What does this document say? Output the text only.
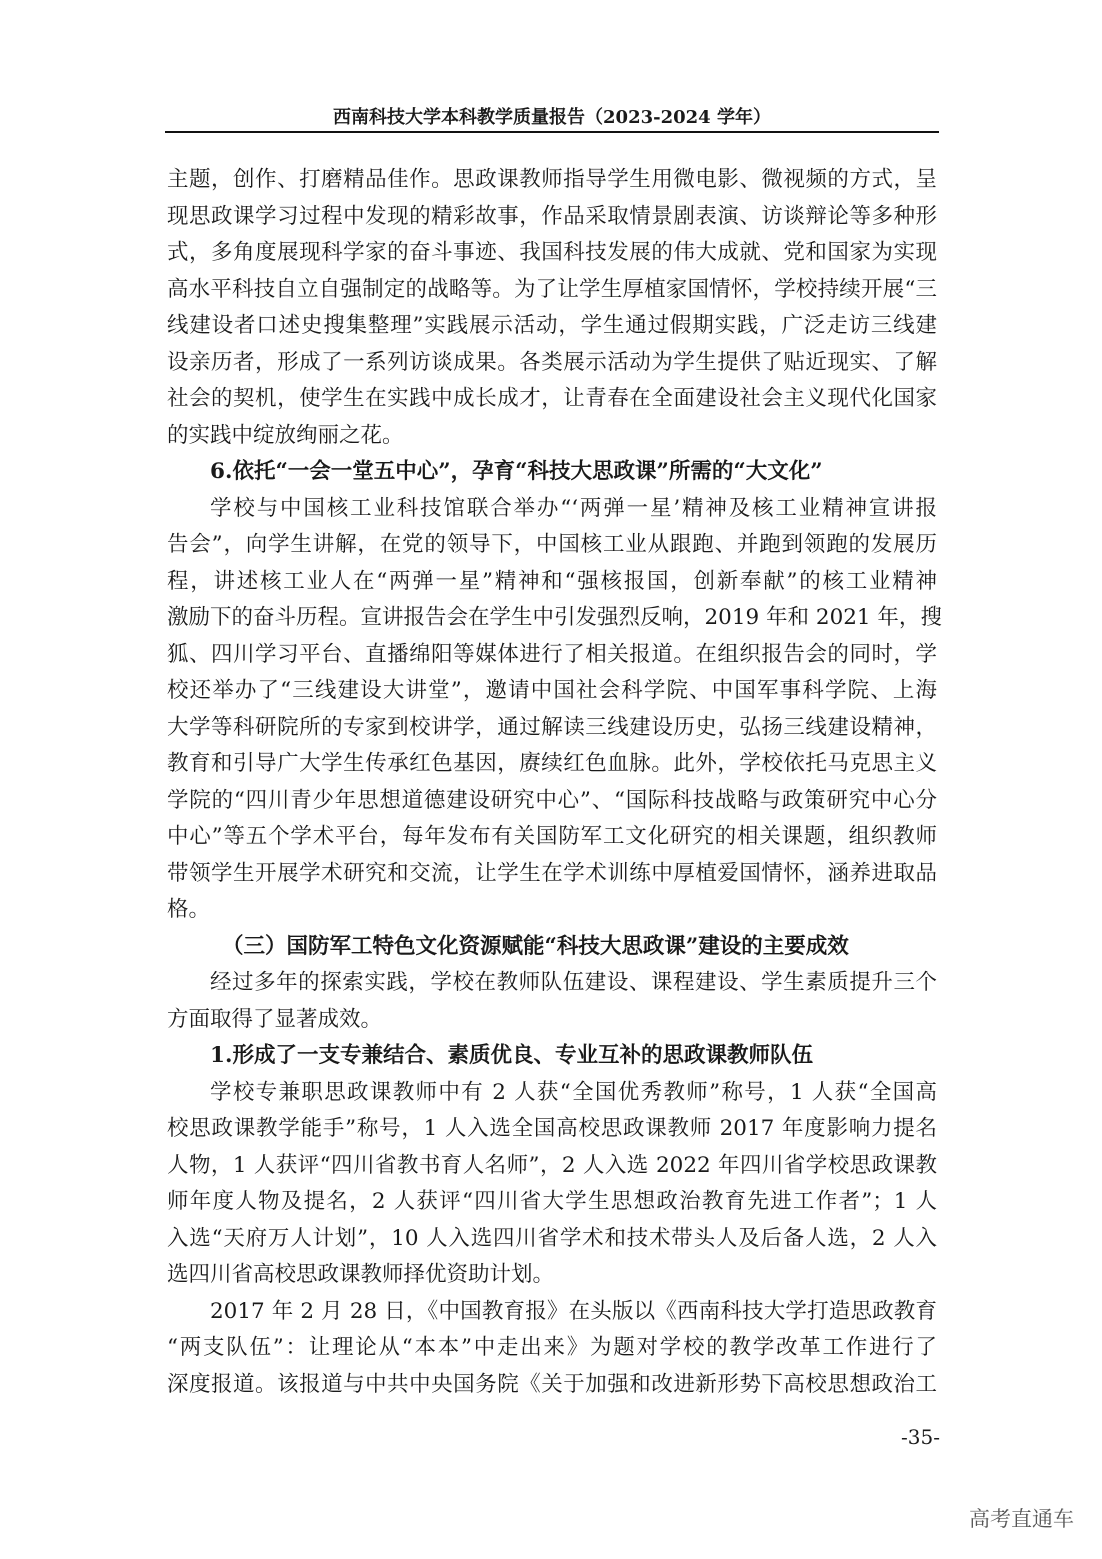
西南科技大学本科教学质量报告（2023-2024 学年）
主题，创作、打磨精品佳作。思政课教师指导学生用微电影、微视频的方式，呈
现思政课学习过程中发现的精彩故事，作品采取情景剧表演、访谈辩论等多种形
式，多角度展现科学家的奋斗事迹、我国科技发展的伟大成就、党和国家为实现
高水平科技自立自强制定的战略等。为了让学生厚植家国情怀，学校持续开展“三
线建设者口述史搜集整理”实践展示活动，学生通过假期实践，广泛走访三线建
设亲历者，形成了一系列访谈成果。各类展示活动为学生提供了贴近现实、了解
社会的契机，使学生在实践中成长成才，让青春在全面建设社会主义现代化国家
的实践中绽放绚丽之花。
6.依托“一会一堂五中心”，孕育“科技大思政课”所需的“大文化”
学校与中国核工业科技馆联合举办“‘两弹一星’精神及核工业精神宣讲报
告会”，向学生讲解，在党的领导下，中国核工业从跟跑、并跑到领跑的发展历
程，讲述核工业人在“两弹一星”精神和“强核报国，创新奉献”的核工业精神
激励下的奋斗历程。宣讲报告会在学生中引发强烈反响，2019 年和 2021 年，搜
狐、四川学习平台、直播绵阳等媒体进行了相关报道。在组织报告会的同时，学
校还举办了“三线建设大讲堂”，邀请中国社会科学院、中国军事科学院、上海
大学等科研院所的专家到校讲学，通过解读三线建设历史，弘扬三线建设精神，
教育和引导广大学生传承红色基因，赓续红色血脉。此外，学校依托马克思主义
学院的“四川青少年思想道德建设研究中心”、“国际科技战略与政策研究中心分
中心”等五个学术平台，每年发布有关国防军工文化研究的相关课题，组织教师
带领学生开展学术研究和交流，让学生在学术训练中厚植爱国情怀，涵养进取品
格。
（三）国防军工特色文化资源赋能“科技大思政课”建设的主要成效
经过多年的探索实践，学校在教师队伍建设、课程建设、学生素质提升三个
方面取得了显著成效。
1.形成了一支专兼结合、素质优良、专业互补的思政课教师队伍
学校专兼职思政课教师中有 2 人获“全国优秀教师”称号，1 人获“全国高
校思政课教学能手”称号，1 人入选全国高校思政课教师 2017 年度影响力提名
人物，1 人获评“四川省教书育人名师”，2 人入选 2022 年四川省学校思政课教
师年度人物及提名，2 人获评“四川省大学生思想政治教育先进工作者”；1 人
入选“天府万人计划”，10 人入选四川省学术和技术带头人及后备人选，2 人入
选四川省高校思政课教师择优资助计划。
2017 年 2 月 28 日，《中国教育报》在头版以《西南科技大学打造思政教育
“两支队伍”：让理论从“本本”中走出来》为题对学校的教学改革工作进行了
深度报道。该报道与中共中央国务院《关于加强和改进新形势下高校思想政治工
-35-
高考直通车
